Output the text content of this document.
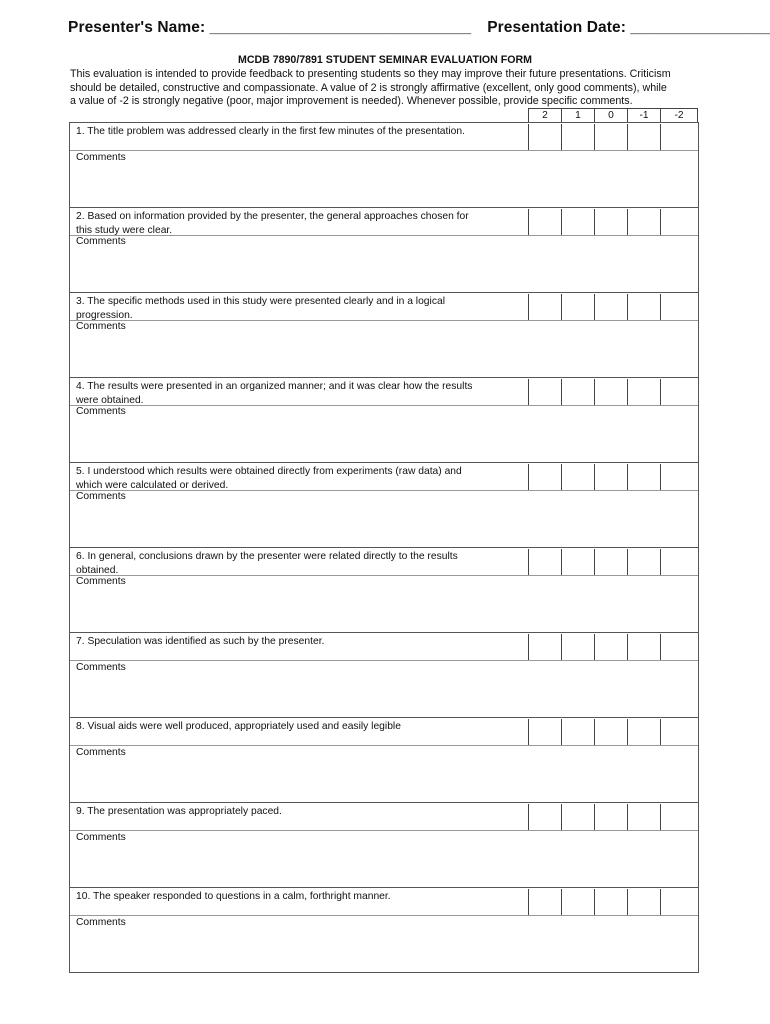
Presenter's Name: ______________________________ Presentation Date: ________________
MCDB 7890/7891 STUDENT SEMINAR EVALUATION FORM
This evaluation is intended to provide feedback to presenting students so they may improve their future presentations. Criticism
should be detailed, constructive and compassionate. A value of 2 is strongly affirmative (excellent, only good comments), while
a value of -2 is strongly negative (poor, major improvement is needed). Whenever possible, provide specific comments.
2	1	0	-1	-2
1. The title problem was addressed clearly in the first few minutes of the presentation.
Comments
2. Based on information provided by the presenter, the general approaches chosen for
this study were clear.
Comments
3. The specific methods used in this study were presented clearly and in a logical
progression.
Comments
4. The results were presented in an organized manner; and it was clear how the results
were obtained.
Comments
5. I understood which results were obtained directly from experiments (raw data) and
which were calculated or derived.
Comments
6. In general, conclusions drawn by the presenter were related directly to the results
obtained.
Comments
7. Speculation was identified as such by the presenter.
Comments
8. Visual aids were well produced, appropriately used and easily legible
Comments
9. The presentation was appropriately paced.
Comments
10. The speaker responded to questions in a calm, forthright manner.
Comments
